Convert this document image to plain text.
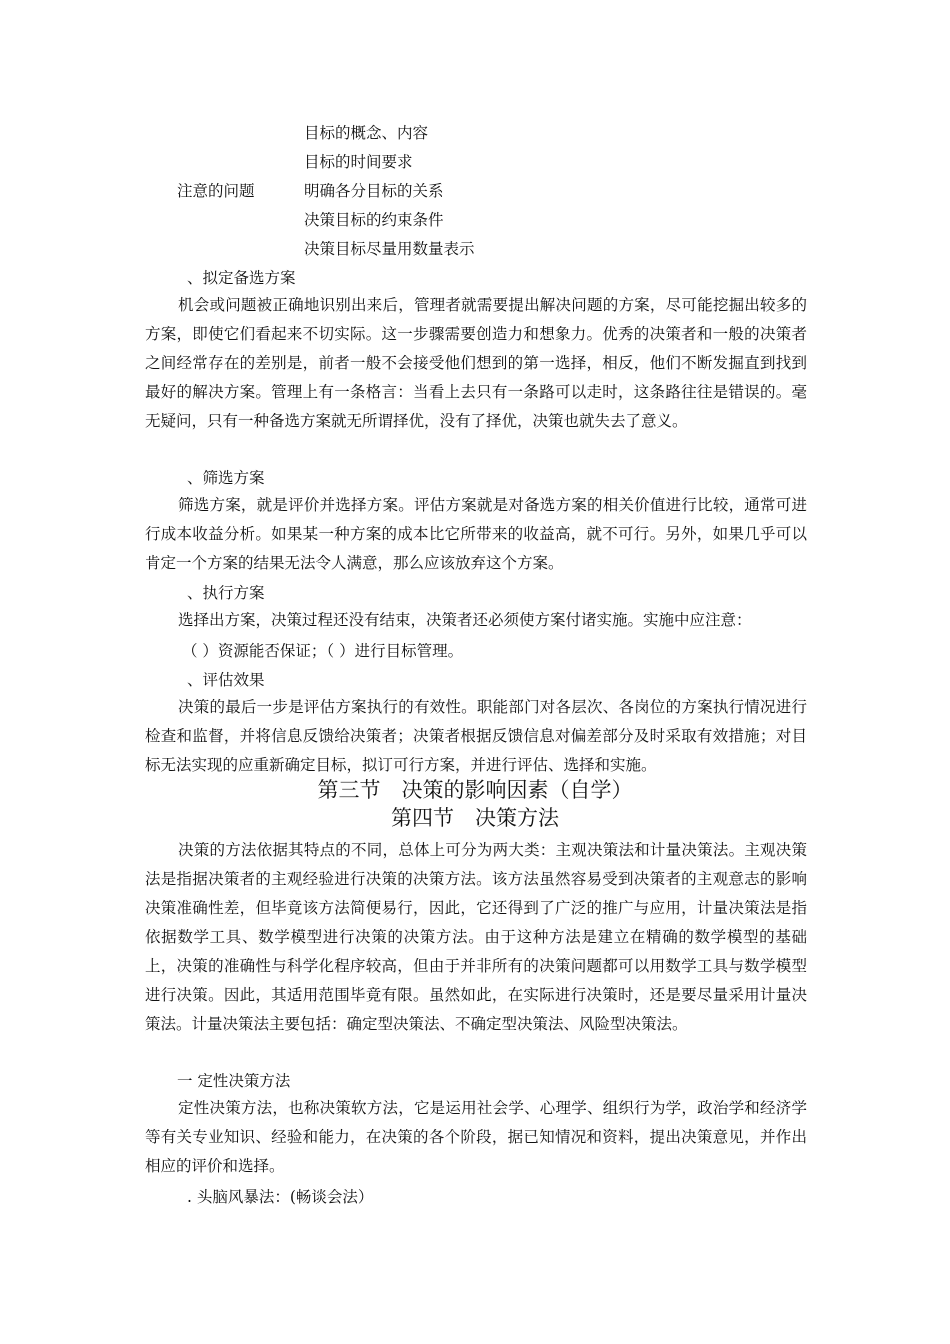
目标的概念、内容
目标的时间要求
注意的问题	明确各分目标的关系
决策目标的约束条件
决策目标尽量用数量表示
、拟定备选方案
机会或问题被正确地识别出来后，管理者就需要提出解决问题的方案，尽可能挖掘出较多的方案，即使它们看起来不切实际。这一步骤需要创造力和想象力。优秀的决策者和一般的决策者之间经常存在的差别是，前者一般不会接受他们想到的第一选择，相反，他们不断发掘直到找到最好的解决方案。管理上有一条格言：当看上去只有一条路可以走时，这条路往往是错误的。毫无疑问，只有一种备选方案就无所谓择优，没有了择优，决策也就失去了意义。
、筛选方案
筛选方案，就是评价并选择方案。评估方案就是对备选方案的相关价值进行比较，通常可进行成本收益分析。如果某一种方案的成本比它所带来的收益高，就不可行。另外，如果几乎可以肯定一个方案的结果无法令人满意，那么应该放弃这个方案。
、执行方案
选择出方案，决策过程还没有结束，决策者还必须使方案付诸实施。实施中应注意：
（ ）资源能否保证；（ ）进行目标管理。
、评估效果
决策的最后一步是评估方案执行的有效性。职能部门对各层次、各岗位的方案执行情况进行检查和监督，并将信息反馈给决策者；决策者根据反馈信息对偏差部分及时采取有效措施；对目标无法实现的应重新确定目标，拟订可行方案，并进行评估、选择和实施。
第三节　决策的影响因素（自学）
第四节　决策方法
决策的方法依据其特点的不同，总体上可分为两大类：主观决策法和计量决策法。主观决策法是指据决策者的主观经验进行决策的决策方法。该方法虽然容易受到决策者的主观意志的影响 决策准确性差，但毕竟该方法简便易行，因此，它还得到了广泛的推广与应用，计量决策法是指依据数学工具、数学模型进行决策的决策方法。由于这种方法是建立在精确的数学模型的基础上，决策的准确性与科学化程序较高，但由于并非所有的决策问题都可以用数学工具与数学模型进行决策。因此，其适用范围毕竟有限。虽然如此，在实际进行决策时，还是要尽量采用计量决策法。计量决策法主要包括：确定型决策法、不确定型决策法、风险型决策法。
一 定性决策方法
定性决策方法，也称决策软方法，它是运用社会学、心理学、组织行为学，政治学和经济学等有关专业知识、经验和能力，在决策的各个阶段，据已知情况和资料，提出决策意见，并作出相应的评价和选择。
. 头脑风暴法：(畅谈会法）
